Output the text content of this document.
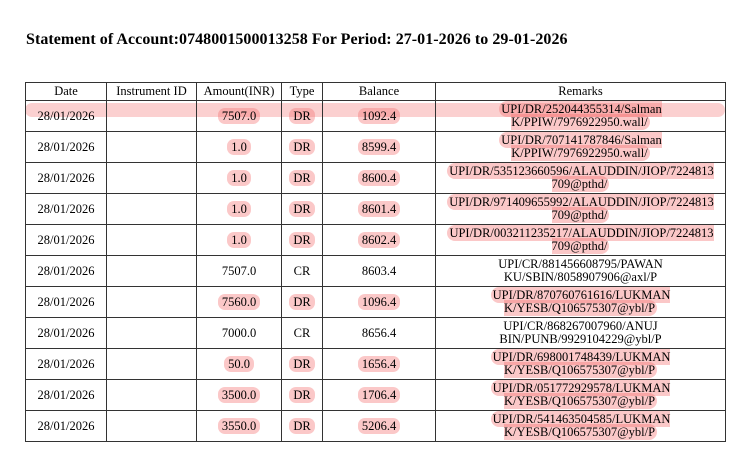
Statement of Account:0748001500013258 For Period: 27-01-2026 to 29-01-2026
Date	Instrument ID	Amount(INR)	Type	Balance	Remarks
28/01/2026		7507.0	DR	1092.4	UPI/DR/252044355314/Salman
K/PPIW/7976922950.wall/
28/01/2026		1.0	DR	8599.4	UPI/DR/707141787846/Salman
K/PPIW/7976922950.wall/
28/01/2026		1.0	DR	8600.4	UPI/DR/535123660596/ALAUDDIN/JIOP/7224813
709@pthd/
28/01/2026		1.0	DR	8601.4	UPI/DR/971409655992/ALAUDDIN/JIOP/7224813
709@pthd/
28/01/2026		1.0	DR	8602.4	UPI/DR/003211235217/ALAUDDIN/JIOP/7224813
709@pthd/
28/01/2026		7507.0	CR	8603.4	UPI/CR/881456608795/PAWAN
KU/SBIN/8058907906@axl/P
28/01/2026		7560.0	DR	1096.4	UPI/DR/870760761616/LUKMAN
K/YESB/Q106575307@ybl/P
28/01/2026		7000.0	CR	8656.4	UPI/CR/868267007960/ANUJ
BIN/PUNB/9929104229@ybl/P
28/01/2026		50.0	DR	1656.4	UPI/DR/698001748439/LUKMAN
K/YESB/Q106575307@ybl/P
28/01/2026		3500.0	DR	1706.4	UPI/DR/051772929578/LUKMAN
K/YESB/Q106575307@ybl/P
28/01/2026		3550.0	DR	5206.4	UPI/DR/541463504585/LUKMAN
K/YESB/Q106575307@ybl/P
